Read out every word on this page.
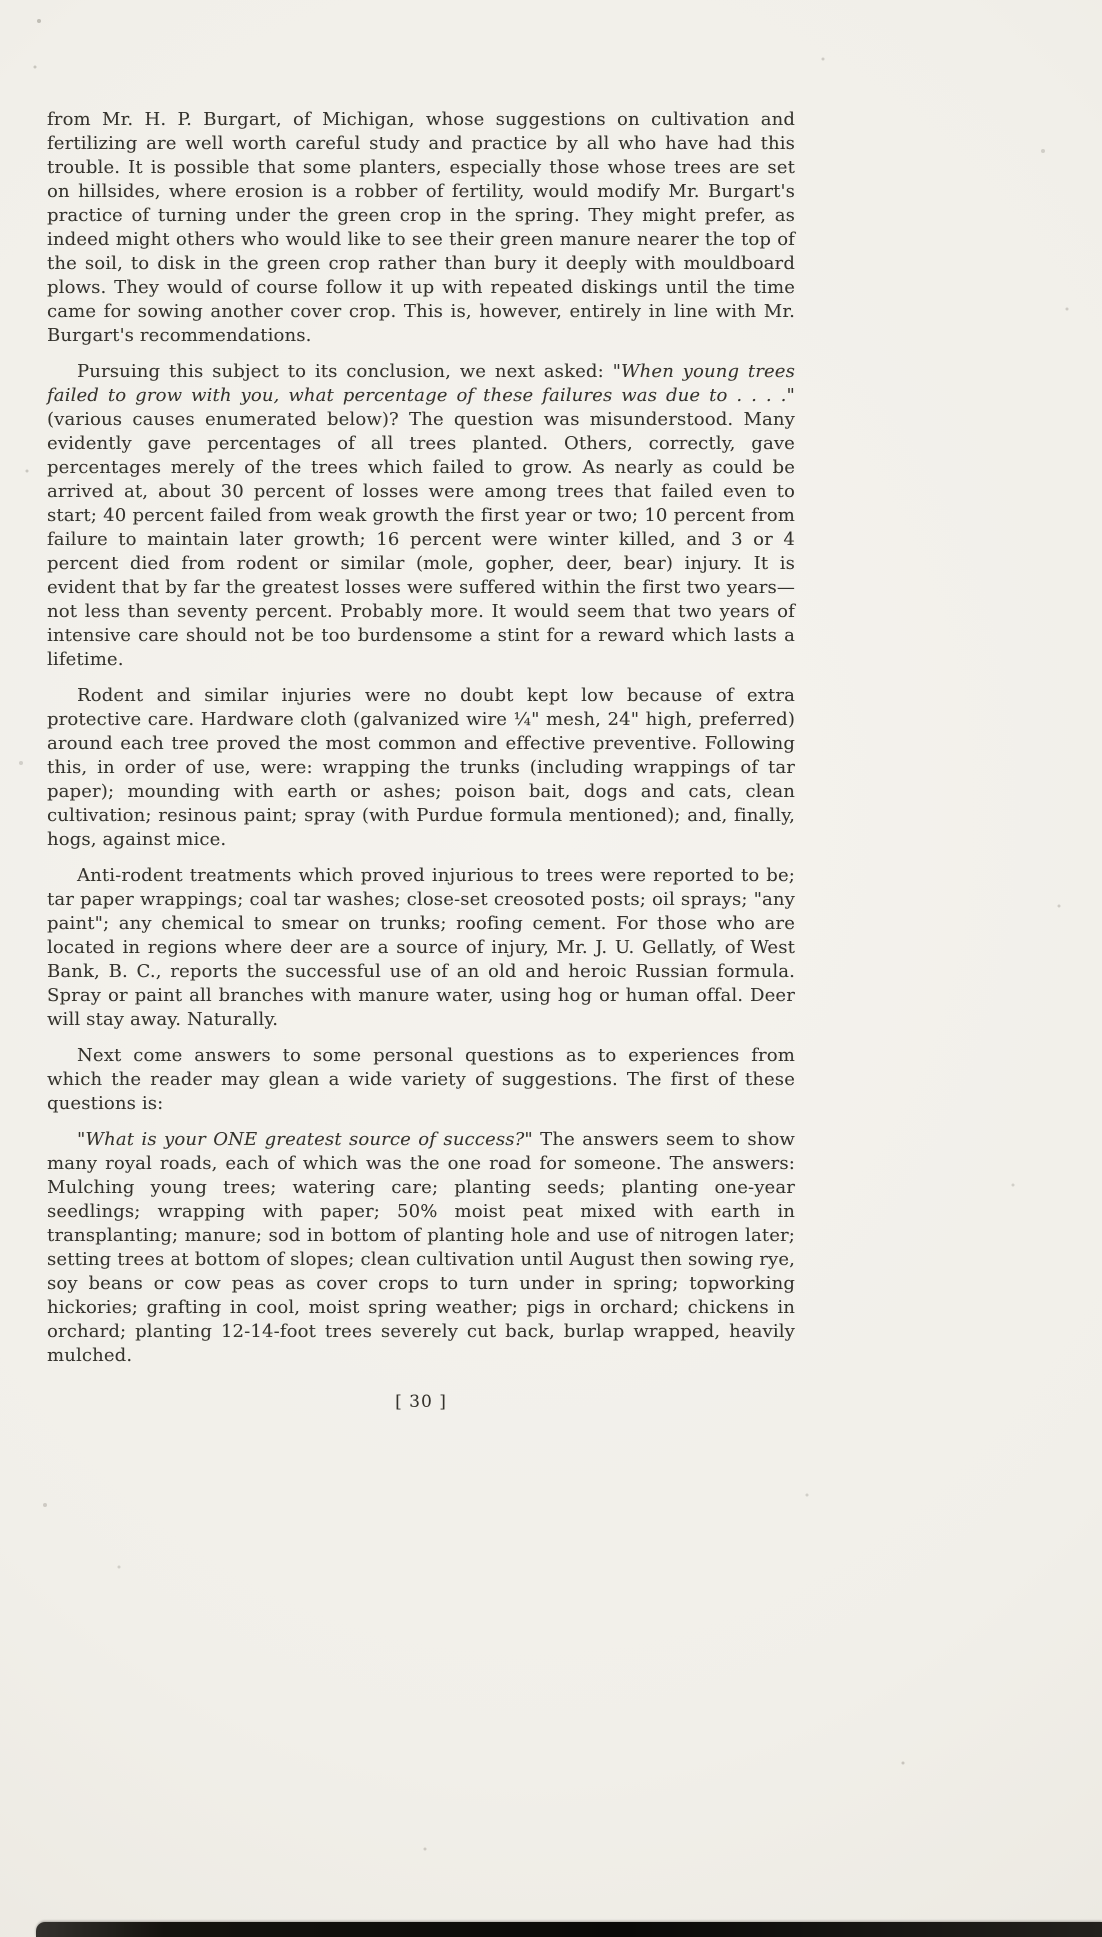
from Mr. H. P. Burgart, of Michigan, whose suggestions on cultivation and fertilizing are well worth careful study and practice by all who have had this trouble. It is possible that some planters, especially those whose trees are set on hillsides, where erosion is a robber of fertility, would modify Mr. Burgart's practice of turning under the green crop in the spring. They might prefer, as indeed might others who would like to see their green manure nearer the top of the soil, to disk in the green crop rather than bury it deeply with mouldboard plows. They would of course follow it up with repeated diskings until the time came for sowing another cover crop. This is, however, entirely in line with Mr. Burgart's recommendations.

Pursuing this subject to its conclusion, we next asked: "When young trees failed to grow with you, what percentage of these failures was due to . . . ." (various causes enumerated below)? The question was misunderstood. Many evidently gave percentages of all trees planted. Others, correctly, gave percentages merely of the trees which failed to grow. As nearly as could be arrived at, about 30 percent of losses were among trees that failed even to start; 40 percent failed from weak growth the first year or two; 10 percent from failure to maintain later growth; 16 percent were winter killed, and 3 or 4 percent died from rodent or similar (mole, gopher, deer, bear) injury. It is evident that by far the greatest losses were suffered within the first two years—not less than seventy percent. Probably more. It would seem that two years of intensive care should not be too burdensome a stint for a reward which lasts a lifetime.

Rodent and similar injuries were no doubt kept low because of extra protective care. Hardware cloth (galvanized wire ¼" mesh, 24" high, preferred) around each tree proved the most common and effective preventive. Following this, in order of use, were: wrapping the trunks (including wrappings of tar paper); mounding with earth or ashes; poison bait, dogs and cats, clean cultivation; resinous paint; spray (with Purdue formula mentioned); and, finally, hogs, against mice.

Anti-rodent treatments which proved injurious to trees were reported to be; tar paper wrappings; coal tar washes; close-set creosoted posts; oil sprays; "any paint"; any chemical to smear on trunks; roofing cement. For those who are located in regions where deer are a source of injury, Mr. J. U. Gellatly, of West Bank, B. C., reports the successful use of an old and heroic Russian formula. Spray or paint all branches with manure water, using hog or human offal. Deer will stay away. Naturally.

Next come answers to some personal questions as to experiences from which the reader may glean a wide variety of suggestions. The first of these questions is:

"What is your ONE greatest source of success?" The answers seem to show many royal roads, each of which was the one road for someone. The answers: Mulching young trees; watering care; planting seeds; planting one-year seedlings; wrapping with paper; 50% moist peat mixed with earth in transplanting; manure; sod in bottom of planting hole and use of nitrogen later; setting trees at bottom of slopes; clean cultivation until August then sowing rye, soy beans or cow peas as cover crops to turn under in spring; topworking hickories; grafting in cool, moist spring weather; pigs in orchard; chickens in orchard; planting 12-14-foot trees severely cut back, burlap wrapped, heavily mulched.

[ 30 ]
